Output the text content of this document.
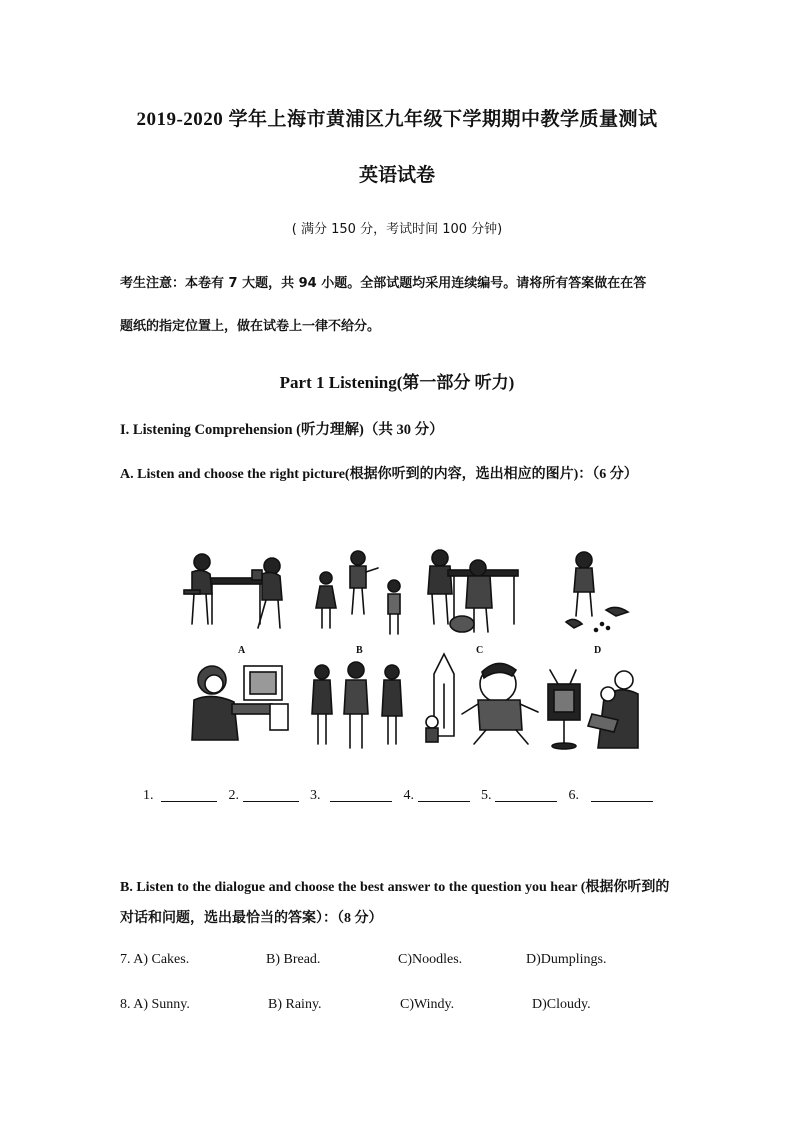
2019-2020 学年上海市黄浦区九年级下学期期中教学质量测试
英语试卷
( 满分 150 分，考试时间 100 分钟)
考生注意：本卷有 7 大题，共 94 小题。全部试题均采用连续编号。请将所有答案做在在答
题纸的指定位置上，做在试卷上一律不给分。
Part 1 Listening(第一部分 听力)
I. Listening Comprehension (听力理解)（共 30 分）
A. Listen and choose the right picture(根据你听到的内容，选出相应的图片)：（6 分）
A	B	C	D
1.	2.	3.	4.	5.	6.
B. Listen to the dialogue and choose the best answer to the question you hear (根据你听到的
对话和问题，选出最恰当的答案）：（8 分）
7. A) Cakes.	B) Bread.	C)Noodles.	D)Dumplings.
8. A) Sunny.	B) Rainy.	C)Windy.	D)Cloudy.
